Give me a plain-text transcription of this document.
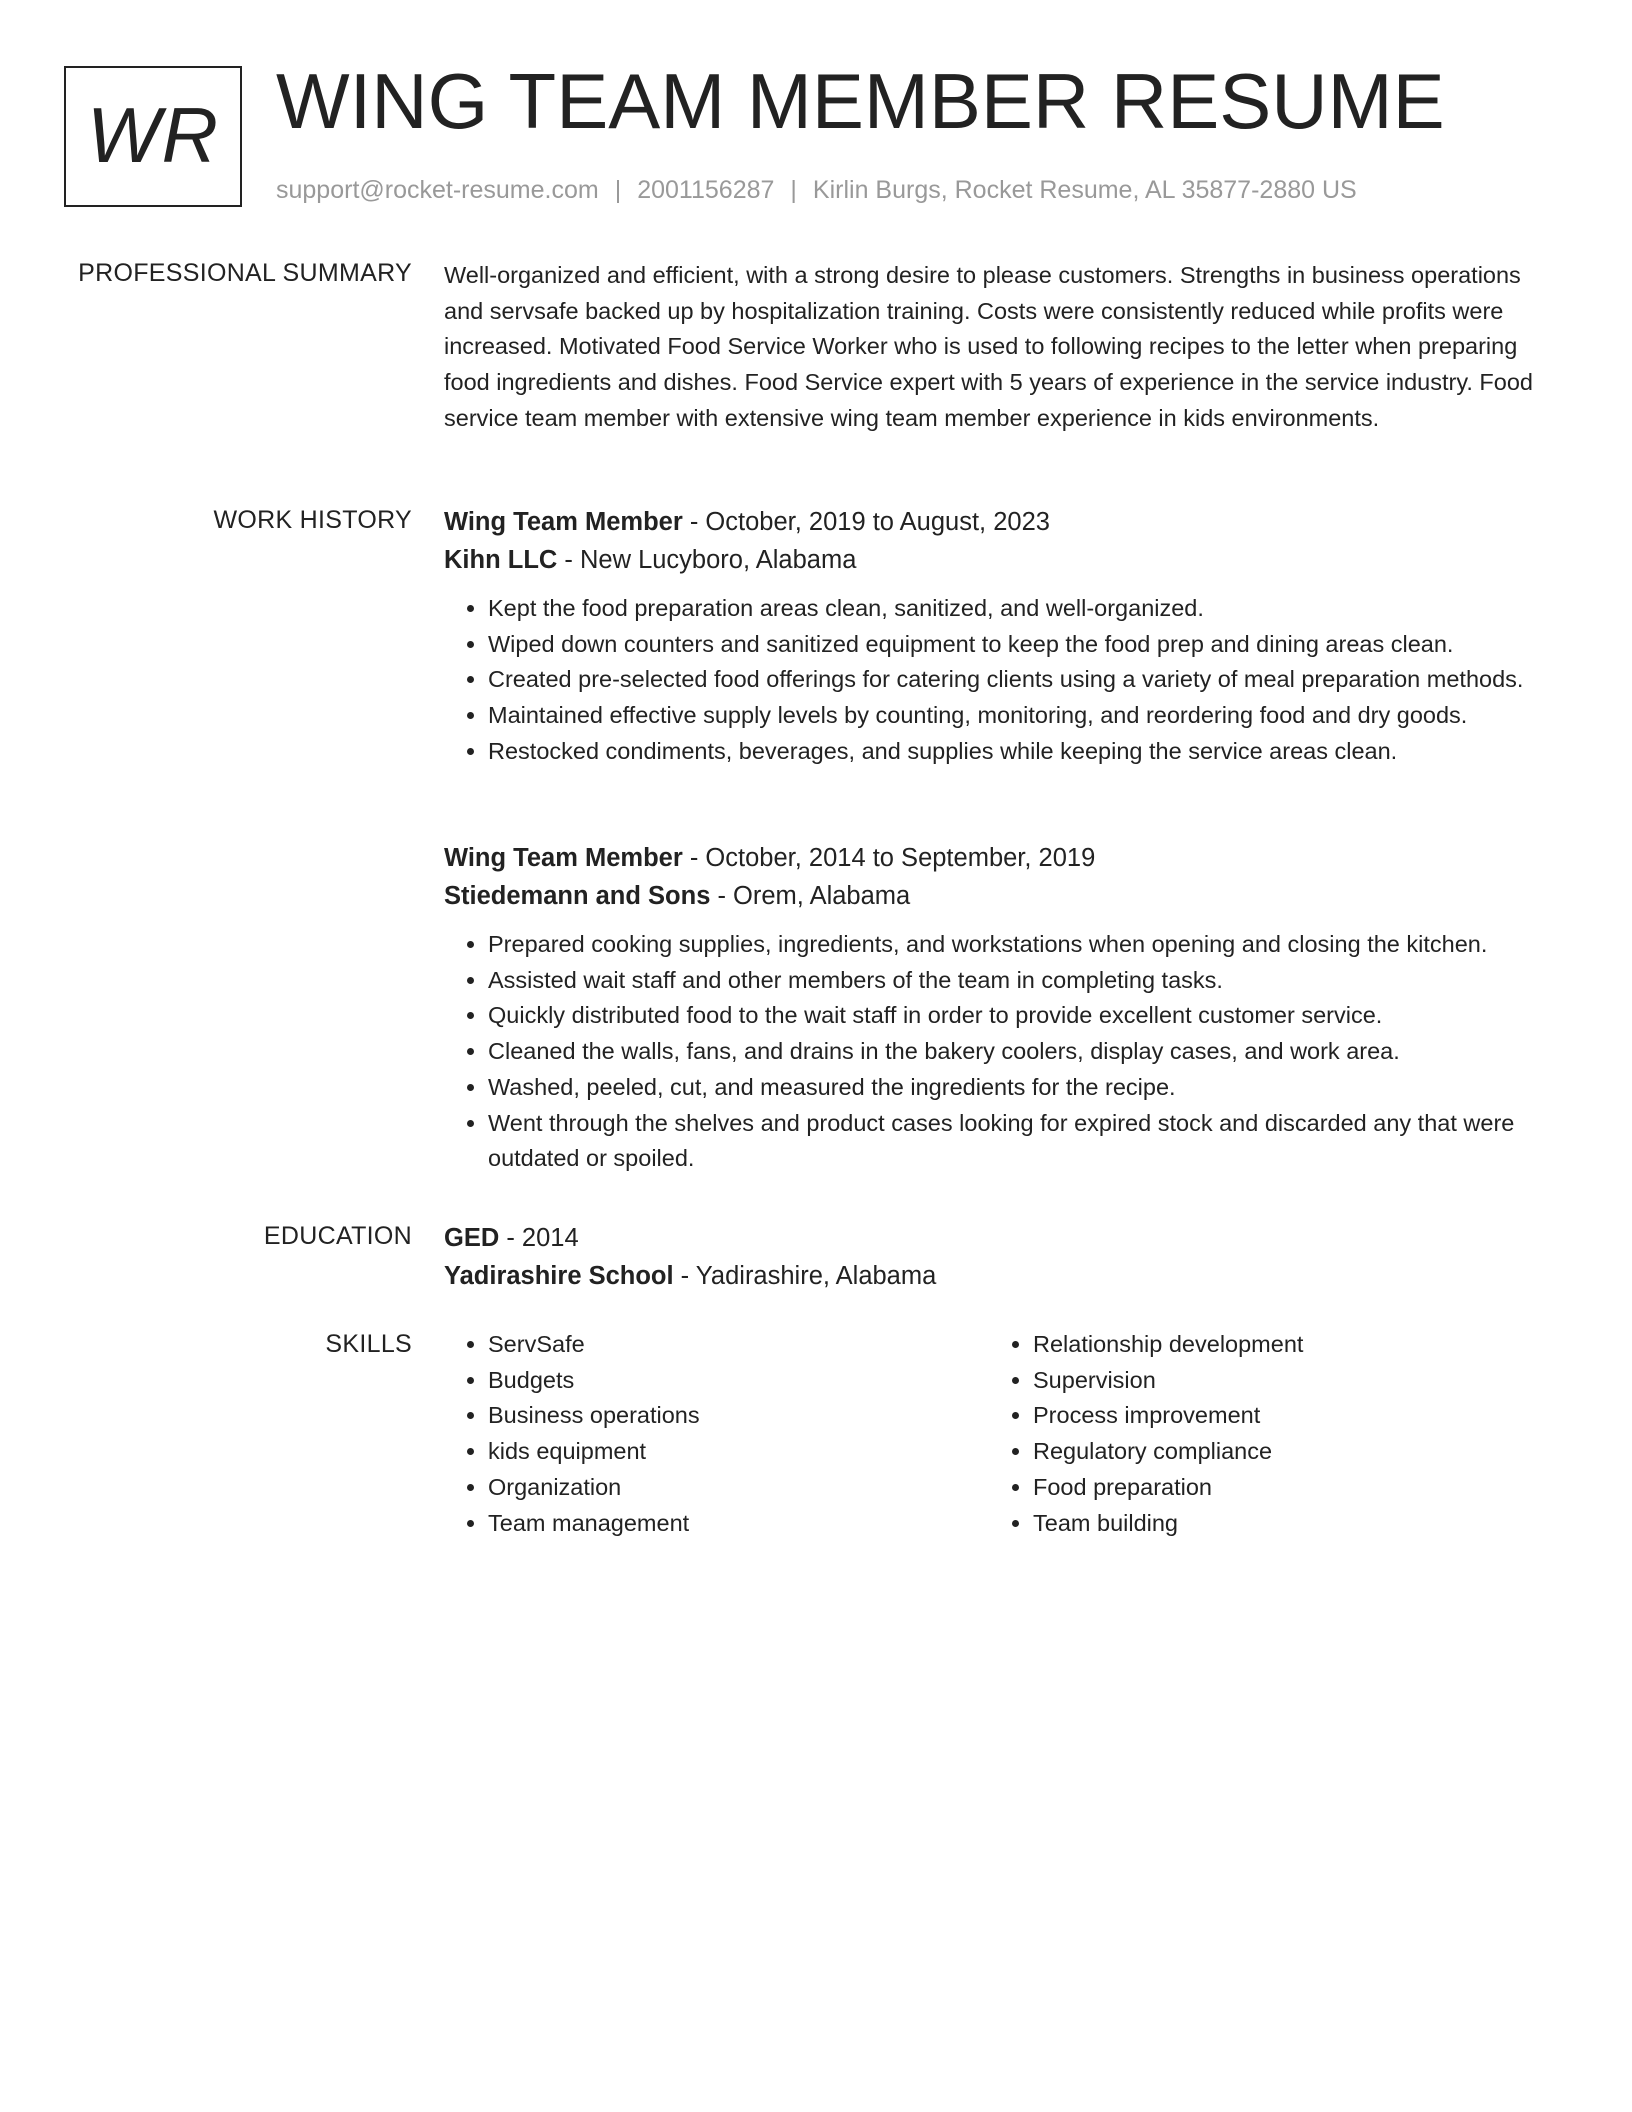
WR WING TEAM MEMBER RESUME
support@rocket-resume.com | 2001156287 | Kirlin Burgs, Rocket Resume, AL 35877-2880 US
PROFESSIONAL SUMMARY Well-organized and efficient, with a strong desire to please customers. Strengths in business operations and servsafe backed up by hospitalization training. Costs were consistently reduced while profits were increased. Motivated Food Service Worker who is used to following recipes to the letter when preparing food ingredients and dishes. Food Service expert with 5 years of experience in the service industry. Food service team member with extensive wing team member experience in kids environments.

WORK HISTORY Wing Team Member - October, 2019 to August, 2023
Kihn LLC - New Lucyboro, Alabama
• Kept the food preparation areas clean, sanitized, and well-organized.
• Wiped down counters and sanitized equipment to keep the food prep and dining areas clean.
• Created pre-selected food offerings for catering clients using a variety of meal preparation methods.
• Maintained effective supply levels by counting, monitoring, and reordering food and dry goods.
• Restocked condiments, beverages, and supplies while keeping the service areas clean.
Wing Team Member - October, 2014 to September, 2019
Stiedemann and Sons - Orem, Alabama
• Prepared cooking supplies, ingredients, and workstations when opening and closing the kitchen.
• Assisted wait staff and other members of the team in completing tasks.
• Quickly distributed food to the wait staff in order to provide excellent customer service.
• Cleaned the walls, fans, and drains in the bakery coolers, display cases, and work area.
• Washed, peeled, cut, and measured the ingredients for the recipe.
• Went through the shelves and product cases looking for expired stock and discarded any that were outdated or spoiled.
EDUCATION GED - 2014
Yadirashire School - Yadirashire, Alabama
SKILLS
•	ServSafe
• Budgets
• Business operations
• kids equipment
• Organization
• Team management
• Relationship development
• Supervision
• Process improvement
• Regulatory compliance
• Food preparation
• Team building
